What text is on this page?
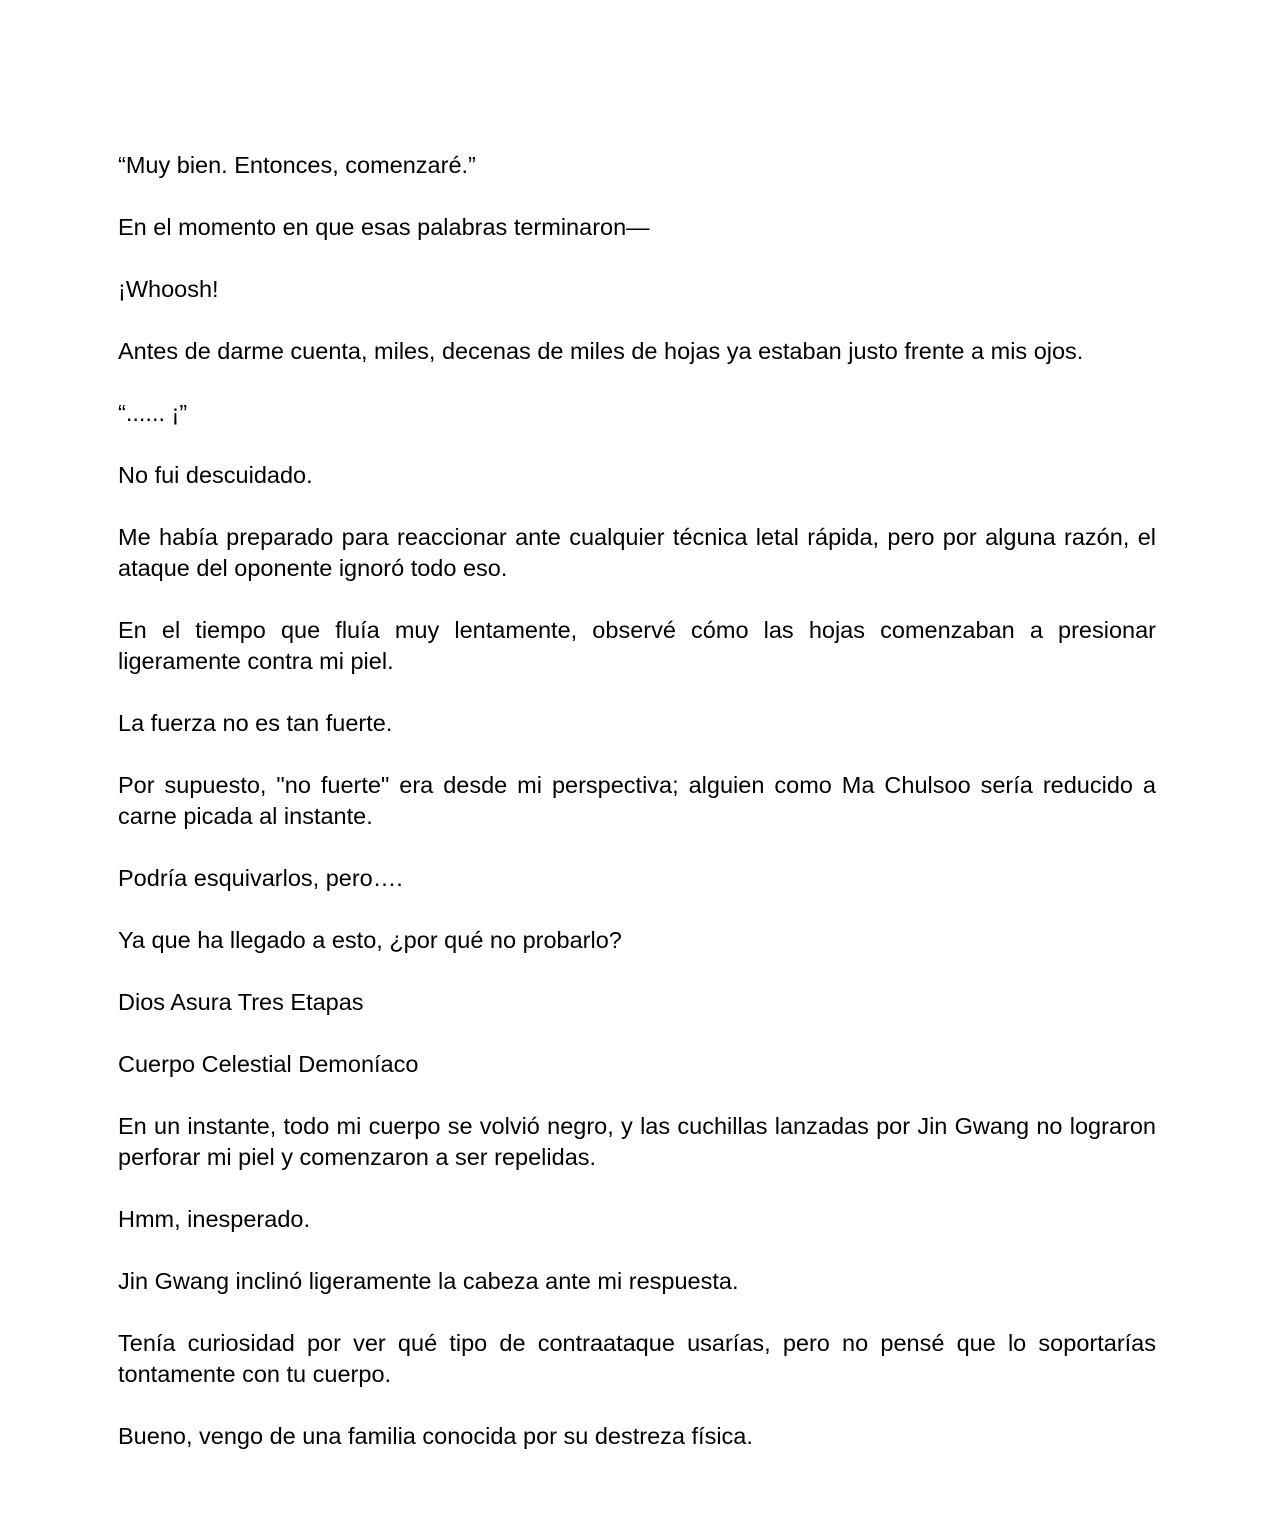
“Muy bien. Entonces, comenzaré.”

En el momento en que esas palabras terminaron—

¡Whoosh!

Antes de darme cuenta, miles, decenas de miles de hojas ya estaban justo frente a mis ojos.

“...... ¡”

No fui descuidado.

Me había preparado para reaccionar ante cualquier técnica letal rápida, pero por alguna razón, el ataque del oponente ignoró todo eso.

En el tiempo que fluía muy lentamente, observé cómo las hojas comenzaban a presionar ligeramente contra mi piel.

La fuerza no es tan fuerte.

Por supuesto, "no fuerte" era desde mi perspectiva; alguien como Ma Chulsoo sería reducido a carne picada al instante.

Podría esquivarlos, pero….

Ya que ha llegado a esto, ¿por qué no probarlo?

Dios Asura Tres Etapas

Cuerpo Celestial Demoníaco

En un instante, todo mi cuerpo se volvió negro, y las cuchillas lanzadas por Jin Gwang no lograron perforar mi piel y comenzaron a ser repelidas.

Hmm, inesperado.

Jin Gwang inclinó ligeramente la cabeza ante mi respuesta.

Tenía curiosidad por ver qué tipo de contraataque usarías, pero no pensé que lo soportarías tontamente con tu cuerpo.

Bueno, vengo de una familia conocida por su destreza física.
